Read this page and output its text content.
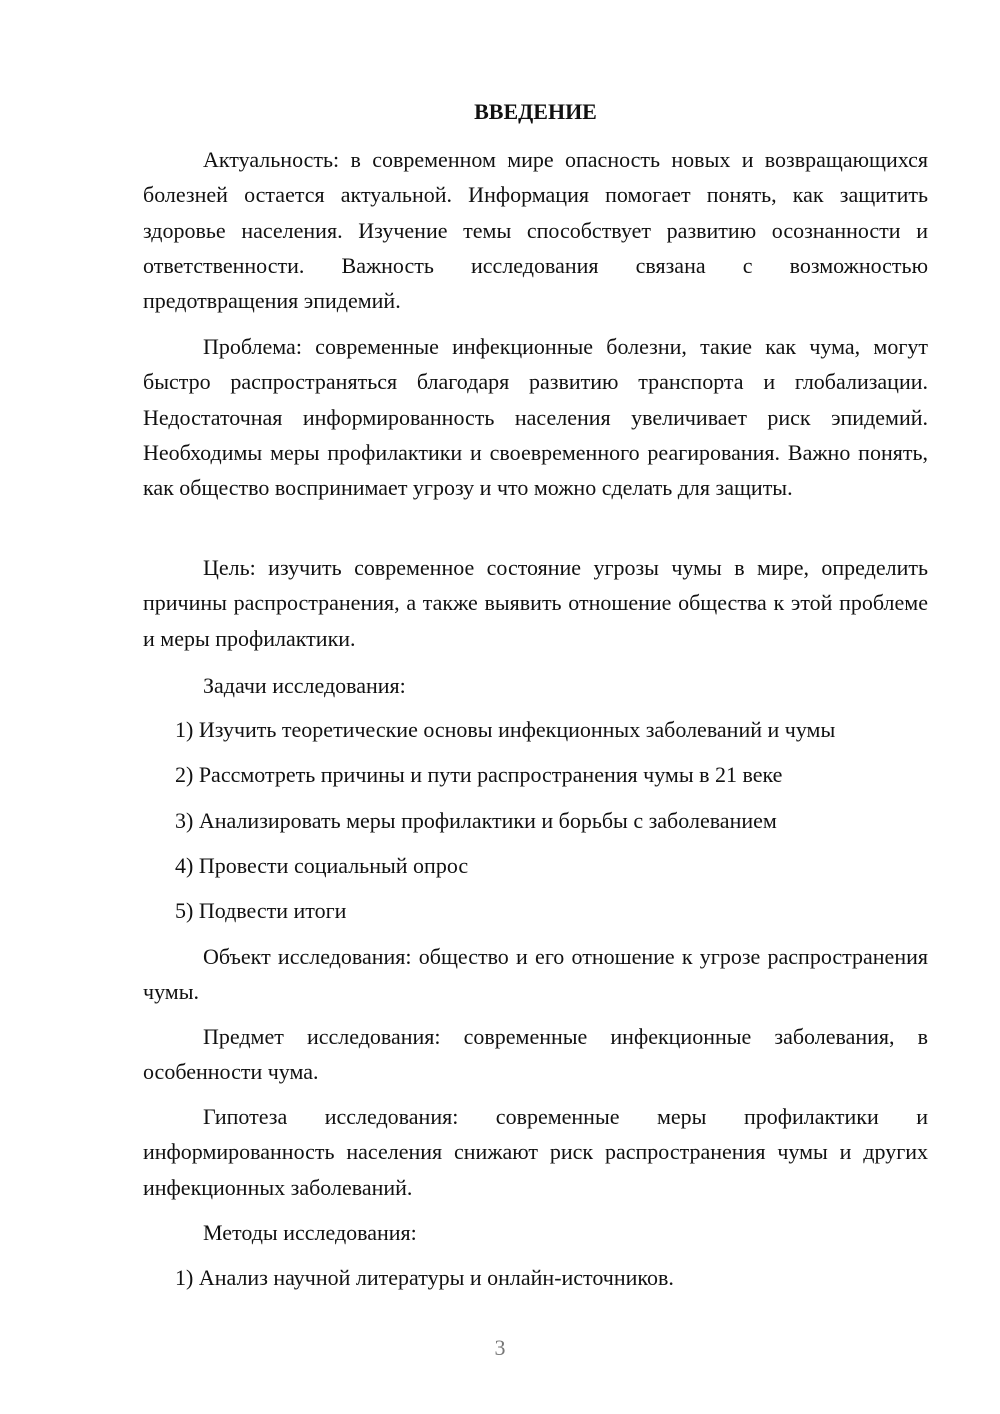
ВВЕДЕНИЕ

Актуальность: в современном мире опасность новых и возвращающихся болезней остается актуальной. Информация помогает понять, как защитить здоровье населения. Изучение темы способствует развитию осознанности и ответственности. Важность исследования связана с возможностью предотвращения эпидемий.

Проблема: современные инфекционные болезни, такие как чума, могут быстро распространяться благодаря развитию транспорта и глобализации. Недостаточная информированность населения увеличивает риск эпидемий. Необходимы меры профилактики и своевременного реагирования. Важно понять, как общество воспринимает угрозу и что можно сделать для защиты.

Цель: изучить современное состояние угрозы чумы в мире, определить причины распространения, а также выявить отношение общества к этой проблеме и меры профилактики.

Задачи исследования:

1) Изучить теоретические основы инфекционных заболеваний и чумы

2) Рассмотреть причины и пути распространения чумы в 21 веке

3) Анализировать меры профилактики и борьбы с заболеванием

4) Провести социальный опрос

5) Подвести итоги

Объект исследования: общество и его отношение к угрозе распространения чумы.

Предмет исследования: современные инфекционные заболевания, в особенности чума.

Гипотеза исследования: современные меры профилактики и информированность населения снижают риск распространения чумы и других инфекционных заболеваний.

Методы исследования:

1) Анализ научной литературы и онлайн-источников.

3
